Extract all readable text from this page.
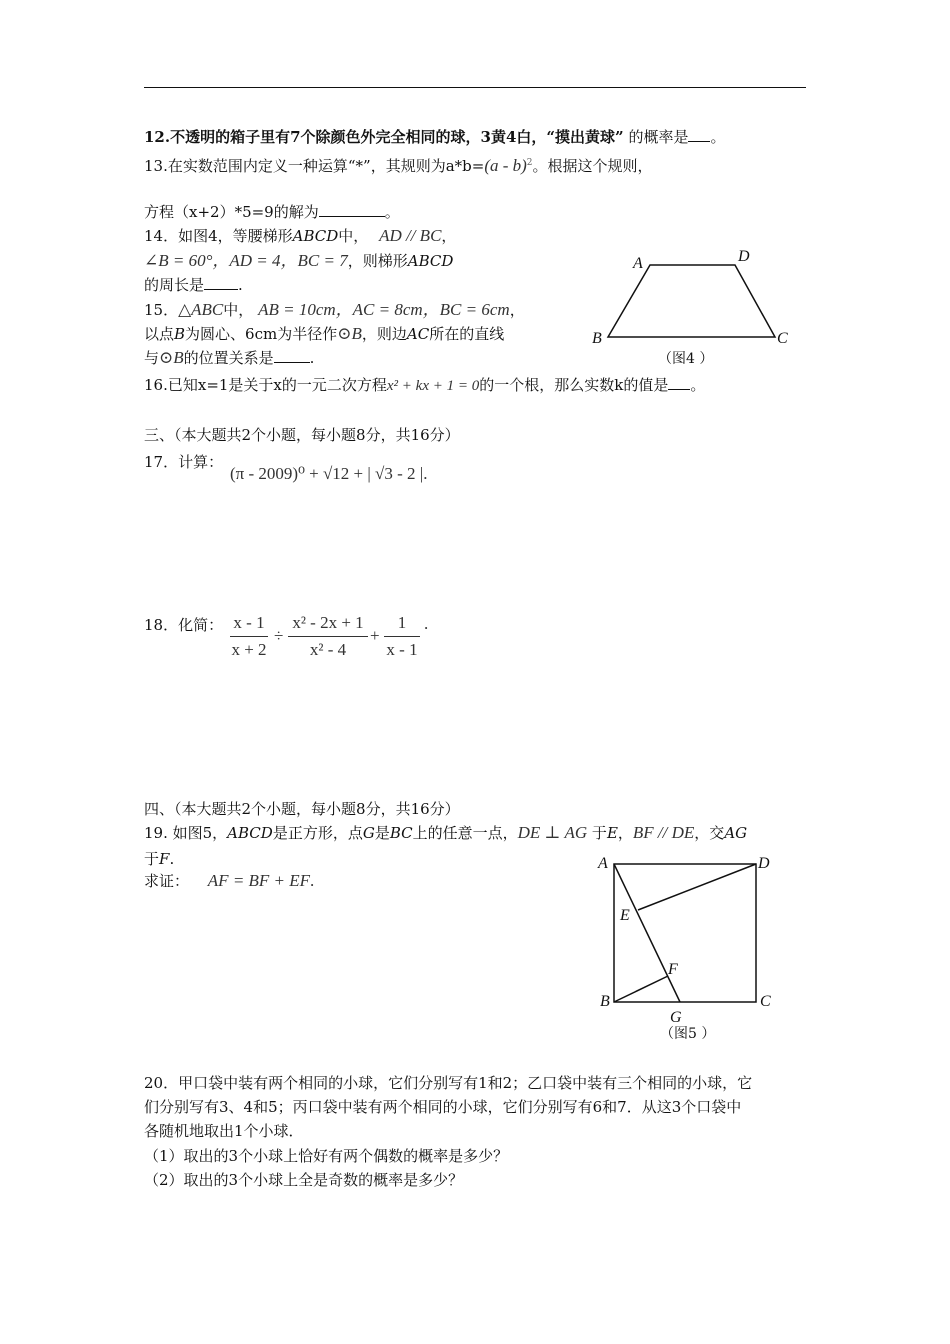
12.不透明的箱子里有7个除颜色外完全相同的球，3黄4白，“摸出黄球” 的概率是 。
13.在实数范围内定义一种运算“*”，其规则为a*b=(a - b)$^2$。根据这个规则，
方程（x+2）*5=9的解为	。
14．如图4，等腰梯形ABCD中， AD // BC，
∠B = 60°，AD = 4，BC = 7，则梯形ABCD
的周长是 .
15．△ABC中， AB = 10cm，AC = 8cm，BC = 6cm，
以点B为圆心、6cm为半径作⊙B，则边AC所在的直线
与⊙B的位置关系是 .
16.已知x=1是关于x的一元二次方程x² + kx + 1 = 0的一个根，那么实数k的值是 。
三、（本大题共2个小题，每小题8分，共16分）
17．计算：
(π - 2009)⁰ + √12 + | √3 - 2 |.
18．化简： x - 1
x + 2
÷
x² - 2x + 1
x² - 4
+
1
x - 1
.
四、（本大题共2个小题，每小题8分，共16分）
19. 如图5，ABCD是正方形，点G是BC上的任意一点，DE ⊥ AG 于E，BF // DE，交AG
于F.
求证： AF = BF + EF.
A	D
B	C
（图4 ）
A	D
E
F
B	C
G
（图5 ）
20．甲口袋中装有两个相同的小球，它们分别写有1和2；乙口袋中装有三个相同的小球，它
们分别写有3、4和5；丙口袋中装有两个相同的小球，它们分别写有6和7．从这3个口袋中
各随机地取出1个小球．
（1）取出的3个小球上恰好有两个偶数的概率是多少？
（2）取出的3个小球上全是奇数的概率是多少？
